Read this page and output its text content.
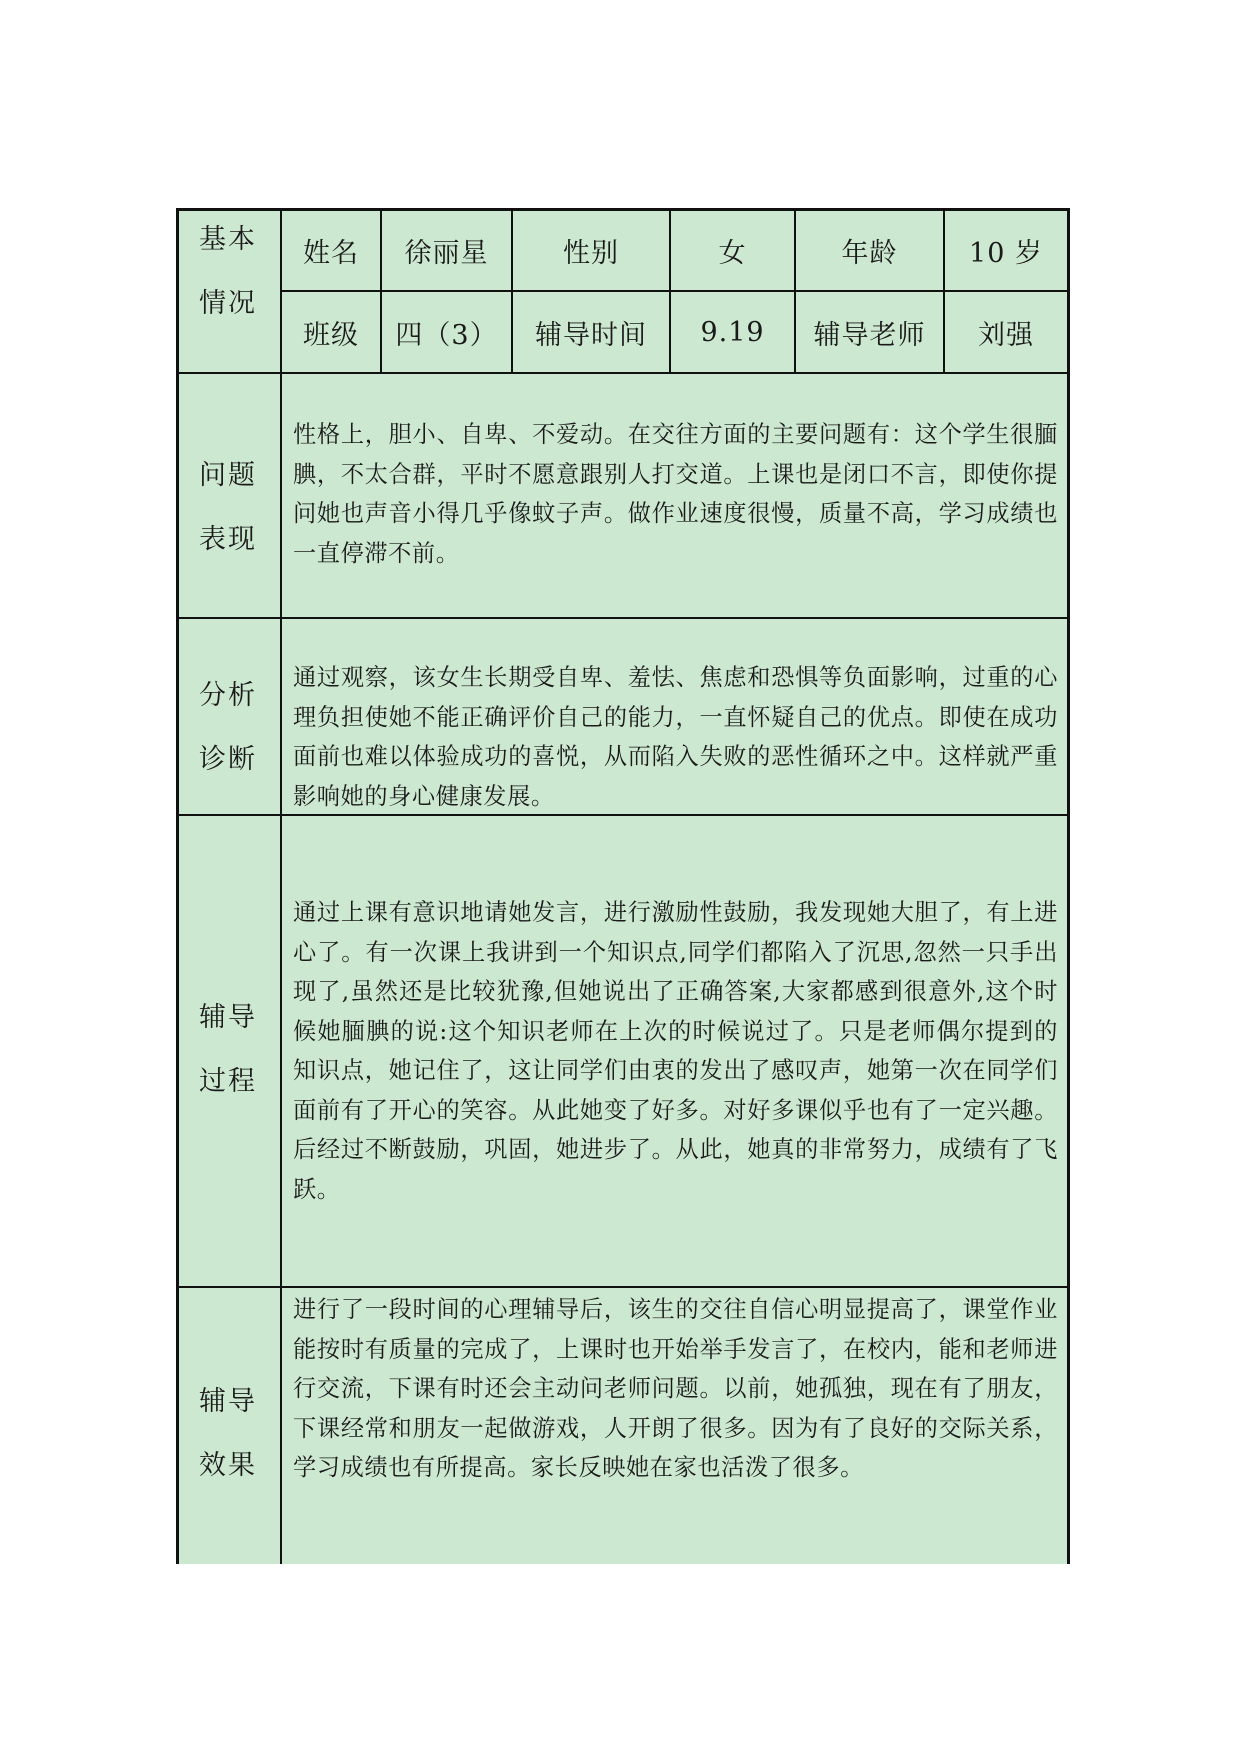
基本
情况
姓名	徐丽星	性别	女	年龄	10 岁
班级	四（3）	辅导时间	9.19	辅导老师	刘强
问题
表现

性格上，胆小、自卑、不爱动。在交往方面的主要问题有：这个学生很腼腆，不太合群，平时不愿意跟别人打交道。上课也是闭口不言，即使你提问她也声音小得几乎像蚊子声。做作业速度很慢，质量不高，学习成绩也一直停滞不前。

分析
诊断

通过观察，该女生长期受自卑、羞怯、焦虑和恐惧等负面影响，过重的心理负担使她不能正确评价自己的能力，一直怀疑自己的优点。即使在成功面前也难以体验成功的喜悦，从而陷入失败的恶性循环之中。这样就严重影响她的身心健康发展。

辅导
过程

通过上课有意识地请她发言，进行激励性鼓励，我发现她大胆了，有上进心了。有一次课上我讲到一个知识点,同学们都陷入了沉思,忽然一只手出现了,虽然还是比较犹豫,但她说出了正确答案,大家都感到很意外,这个时候她腼腆的说:这个知识老师在上次的时候说过了。只是老师偶尔提到的知识点，她记住了，这让同学们由衷的发出了感叹声，她第一次在同学们面前有了开心的笑容。从此她变了好多。对好多课似乎也有了一定兴趣。后经过不断鼓励，巩固，她进步了。从此，她真的非常努力，成绩有了飞跃。

辅导
效果

进行了一段时间的心理辅导后，该生的交往自信心明显提高了，课堂作业能按时有质量的完成了，上课时也开始举手发言了，在校内，能和老师进行交流，下课有时还会主动问老师问题。以前，她孤独，现在有了朋友，下课经常和朋友一起做游戏，人开朗了很多。因为有了良好的交际关系，学习成绩也有所提高。家长反映她在家也活泼了很多。
